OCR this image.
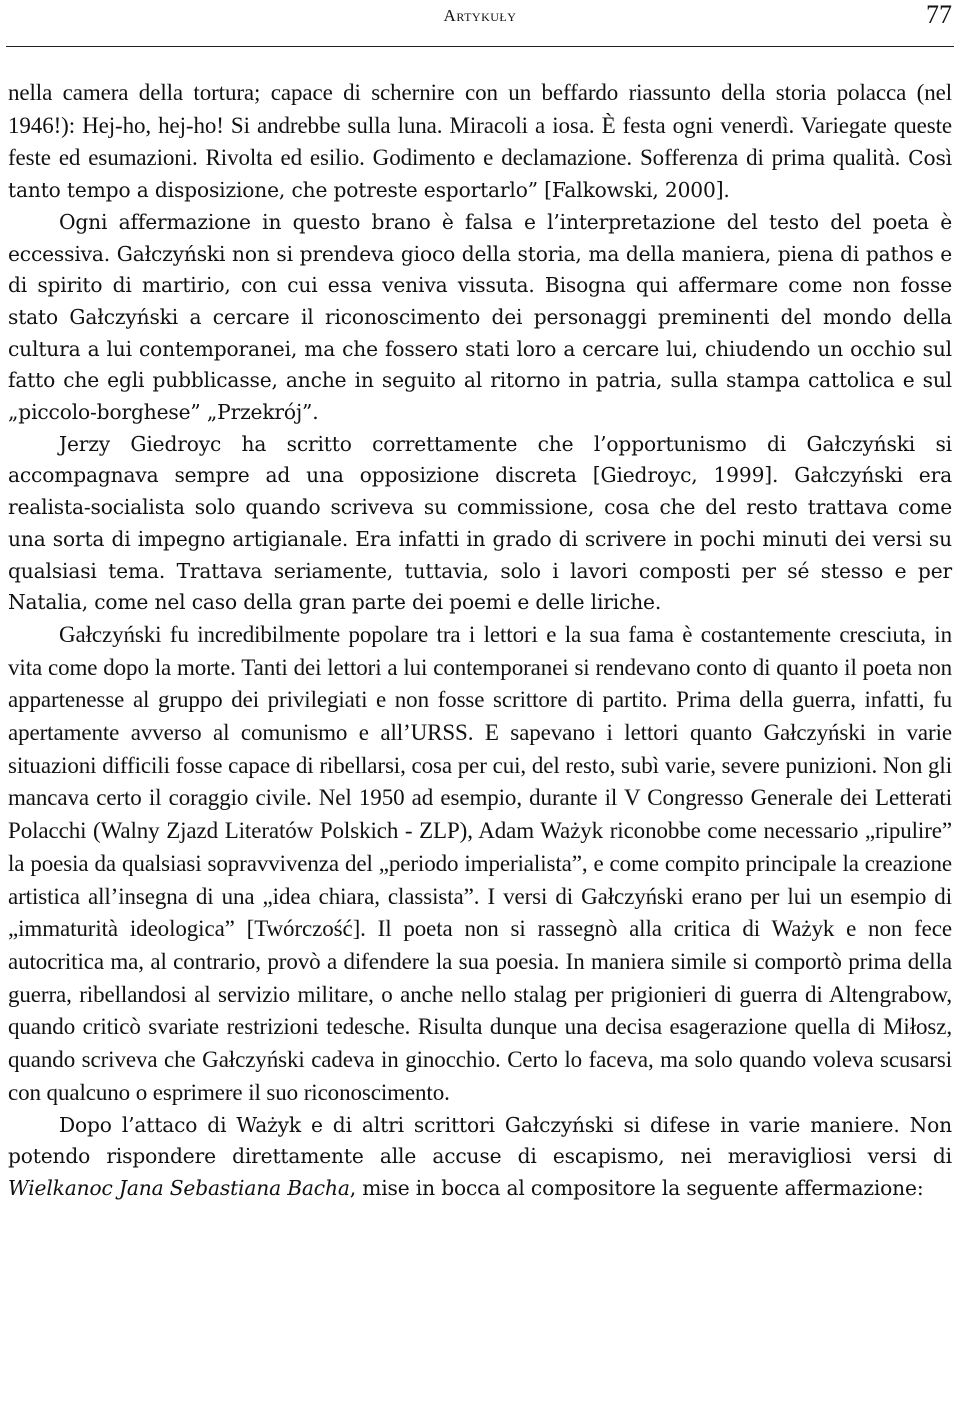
Artykuły	77

nella camera della tortura; capace di schernire con un beffardo riassunto della storia polacca (nel 1946!): Hej-ho, hej-ho! Si andrebbe sulla luna. Miracoli a iosa. È festa ogni venerdì. Variegate queste feste ed esumazioni. Rivolta ed esilio. Godimento e declamazione. Sofferenza di prima qualità. Così tanto tempo a disposizione, che potreste esportarlo” [Falkowski, 2000].

Ogni affermazione in questo brano è falsa e l’interpretazione del testo del poeta è eccessiva. Gałczyński non si prendeva gioco della storia, ma della maniera, piena di pathos e di spirito di martirio, con cui essa veniva vissuta. Bisogna qui affermare come non fosse stato Gałczyński a cercare il riconoscimento dei personaggi preminenti del mondo della cultura a lui contemporanei, ma che fossero stati loro a cercare lui, chiudendo un occhio sul fatto che egli pubblicasse, anche in seguito al ritorno in patria, sulla stampa cattolica e sul „piccolo-borghese” „Przekrój”.

Jerzy Giedroyc ha scritto correttamente che l’opportunismo di Gałczyński si accompagnava sempre ad una opposizione discreta [Giedroyc, 1999]. Gałczyński era realista-socialista solo quando scriveva su commissione, cosa che del resto trattava come una sorta di impegno artigianale. Era infatti in grado di scrivere in pochi minuti dei versi su qualsiasi tema. Trattava seriamente, tuttavia, solo i lavori composti per sé stesso e per Natalia, come nel caso della gran parte dei poemi e delle liriche.

Gałczyński fu incredibilmente popolare tra i lettori e la sua fama è costantemente cresciuta, in vita come dopo la morte. Tanti dei lettori a lui contemporanei si rendevano conto di quanto il poeta non appartenesse al gruppo dei privilegiati e non fosse scrittore di partito. Prima della guerra, infatti, fu apertamente avverso al comunismo e all’URSS. E sapevano i lettori quanto Gałczyński in varie situazioni difficili fosse capace di ribellarsi, cosa per cui, del resto, subì varie, severe punizioni. Non gli mancava certo il coraggio civile. Nel 1950 ad esempio, durante il V Congresso Generale dei Letterati Polacchi (Walny Zjazd Literatów Polskich - ZLP), Adam Ważyk riconobbe come necessario „ripulire” la poesia da qualsiasi sopravvivenza del „periodo imperialista”, e come compito principale la creazione artistica all’insegna di una „idea chiara, classista”. I versi di Gałczyński erano per lui un esempio di „immaturità ideologica” [Twórczość]. Il poeta non si rassegnò alla critica di Ważyk e non fece autocritica ma, al contrario, provò a difendere la sua poesia. In maniera simile si comportò prima della guerra, ribellandosi al servizio militare, o anche nello stalag per prigionieri di guerra di Altengrabow, quando criticò svariate restrizioni tedesche. Risulta dunque una decisa esagerazione quella di Miłosz, quando scriveva che Gałczyński cadeva in ginocchio. Certo lo faceva, ma solo quando voleva scusarsi con qualcuno o esprimere il suo riconoscimento.

Dopo l’attaco di Ważyk e di altri scrittori Gałczyński si difese in varie maniere. Non potendo rispondere direttamente alle accuse di escapismo, nei meravigliosi versi di Wielkanoc Jana Sebastiana Bacha, mise in bocca al compositore la seguente affermazione:
